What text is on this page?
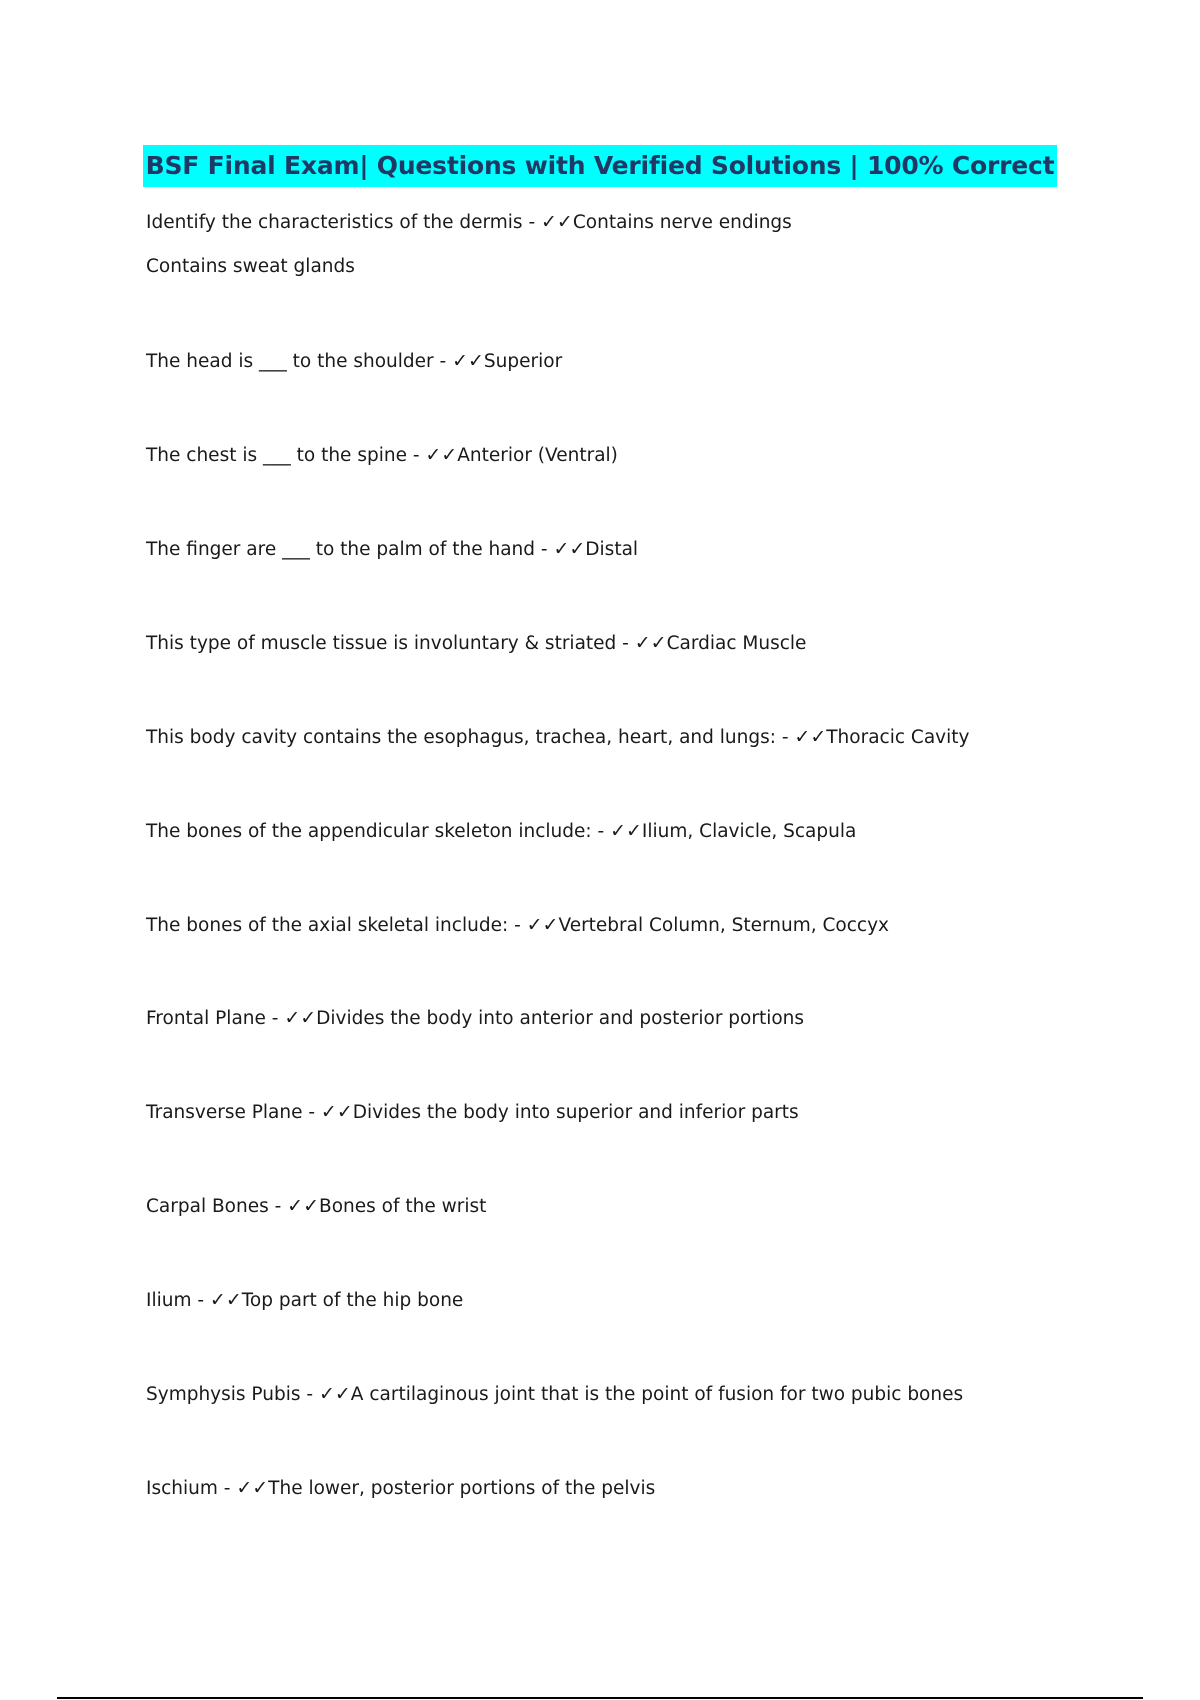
BSF Final Exam| Questions with Verified Solutions | 100% Correct
Identify the characteristics of the dermis - ✓✓Contains nerve endings
Contains sweat glands
The head is ___ to the shoulder - ✓✓Superior
The chest is ___ to the spine - ✓✓Anterior (Ventral)
The finger are ___ to the palm of the hand - ✓✓Distal
This type of muscle tissue is involuntary & striated - ✓✓Cardiac Muscle
This body cavity contains the esophagus, trachea, heart, and lungs: - ✓✓Thoracic Cavity
The bones of the appendicular skeleton include: - ✓✓Ilium, Clavicle, Scapula
The bones of the axial skeletal include: - ✓✓Vertebral Column, Sternum, Coccyx
Frontal Plane - ✓✓Divides the body into anterior and posterior portions
Transverse Plane - ✓✓Divides the body into superior and inferior parts
Carpal Bones - ✓✓Bones of the wrist
Ilium - ✓✓Top part of the hip bone
Symphysis Pubis - ✓✓A cartilaginous joint that is the point of fusion for two pubic bones
Ischium - ✓✓The lower, posterior portions of the pelvis
